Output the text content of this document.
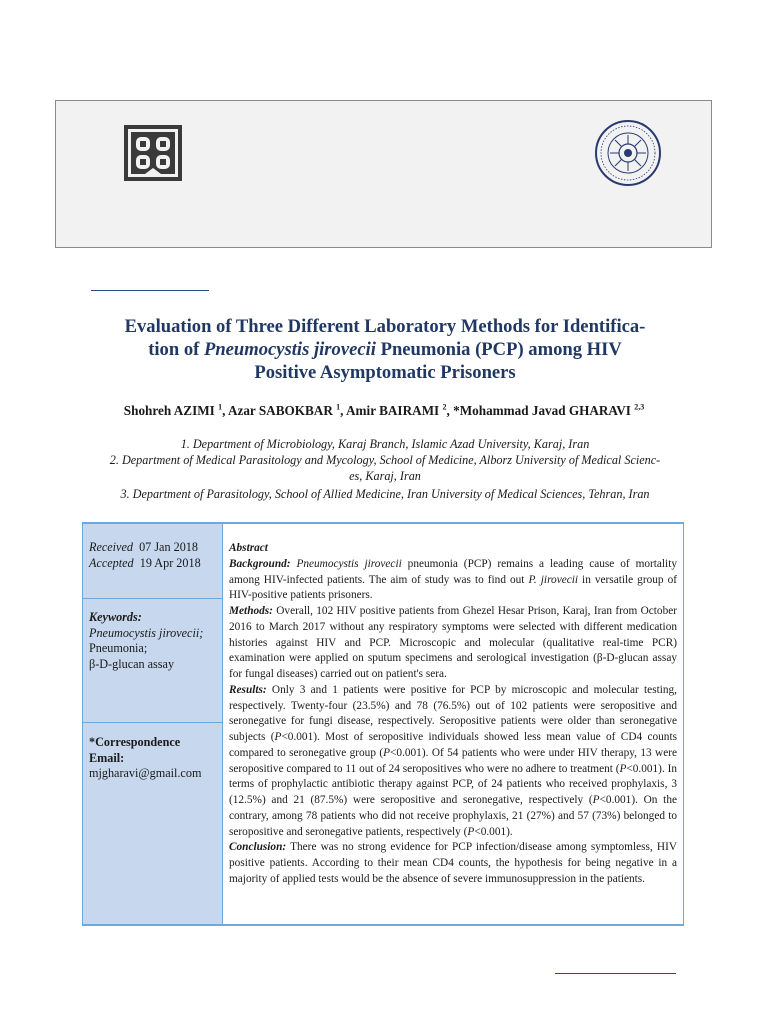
Evaluation of Three Different Laboratory Methods for Identifica-
tion of Pneumocystis jirovecii Pneumonia (PCP) among HIV
Positive Asymptomatic Prisoners

Shohreh AZIMI $^1$, Azar SABOKBAR $^1$, Amir BAIRAMI $^2$, *Mohammad Javad GHARAVI $^{2,3}$

1. Department of Microbiology, Karaj Branch, Islamic Azad University, Karaj, Iran

2. Department of Medical Parasitology and Mycology, School of Medicine, Alborz University of Medical Scienc-

es, Karaj, Iran

3. Department of Parasitology, School of Allied Medicine, Iran University of Medical Sciences, Tehran, Iran

Received 07 Jan 2018
Accepted 19 Apr 2018
Keywords:
Pneumocystis jirovecii;
Pneumonia;
β-D-glucan assay
*Correspondence
Email:
mjgharavi@gmail.com

Abstract

Background: Pneumocystis jirovecii pneumonia (PCP) remains a leading cause of mortality among HIV-infected patients. The aim of study was to find out P. jirovecii in versatile group of HIV-positive patients prisoners.

Methods: Overall, 102 HIV positive patients from Ghezel Hesar Prison, Karaj, Iran from October 2016 to March 2017 without any respiratory symptoms were selected with different medication histories against HIV and PCP. Microscopic and molecular (qualitative real-time PCR) examination were applied on sputum specimens and serological investigation (β-D-glucan assay for fungal diseases) carried out on patient's sera.

Results: Only 3 and 1 patients were positive for PCP by microscopic and molecular testing, respectively. Twenty-four (23.5%) and 78 (76.5%) out of 102 patients were seropositive and seronegative for fungi disease, respectively. Seropositive patients were older than seronegative subjects (P<0.001). Most of seropositive individuals showed less mean value of CD4 counts compared to seronegative group (P<0.001). Of 54 patients who were under HIV therapy, 13 were seropositive compared to 11 out of 24 seropositives who were no adhere to treatment (P<0.001). In terms of prophylactic antibiotic therapy against PCP, of 24 patients who received prophylaxis, 3 (12.5%) and 21 (87.5%) were seropositive and seronegative, respectively (P<0.001). On the contrary, among 78 patients who did not receive prophylaxis, 21 (27%) and 57 (73%) belonged to seropositive and seronegative patients, respectively (P<0.001).

Conclusion: There was no strong evidence for PCP infection/disease among symptomless, HIV positive patients. According to their mean CD4 counts, the hypothesis for being negative in a majority of applied tests would be the absence of severe immunosuppression in the patients.
